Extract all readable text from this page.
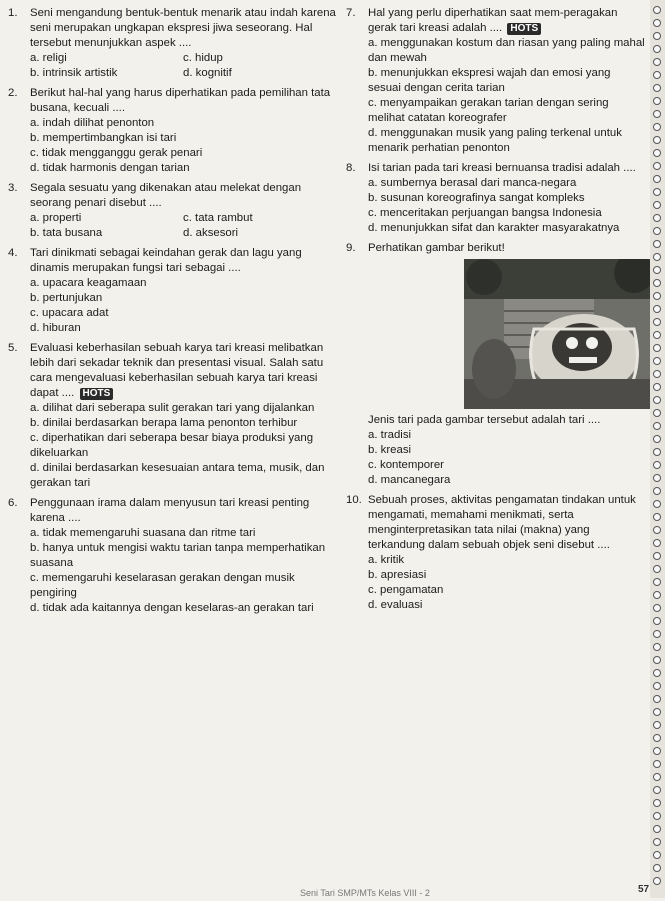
1.	Seni mengandung bentuk-bentuk menarik atau indah karena seni merupakan ungkapan ekspresi jiwa seseorang. Hal tersebut menunjukkan aspek ....
a. religi	c. hidup
b. intrinsik artistik	d. kognitif
2.	Berikut hal-hal yang harus diperhatikan pada pemilihan tata busana, kecuali ....
a. indah dilihat penonton
b. mempertimbangkan isi tari
c. tidak mengganggu gerak penari
d. tidak harmonis dengan tarian
3.	Segala sesuatu yang dikenakan atau melekat dengan seorang penari disebut ....
a. properti	c. tata rambut
b. tata busana	d. aksesori
4.	Tari dinikmati sebagai keindahan gerak dan lagu yang dinamis merupakan fungsi tari sebagai ....
a. upacara keagamaan
b. pertunjukan
c. upacara adat
d. hiburan
5.	Evaluasi keberhasilan sebuah karya tari kreasi melibatkan lebih dari sekadar teknik dan presentasi visual. Salah satu cara mengevaluasi keberhasilan sebuah karya tari kreasi dapat .... HOTS
a. dilihat dari seberapa sulit gerakan tari yang dijalankan
b. dinilai berdasarkan berapa lama penonton terhibur
c. diperhatikan dari seberapa besar biaya produksi yang dikeluarkan
d. dinilai berdasarkan kesesuaian antara tema, musik, dan gerakan tari
6.	Penggunaan irama dalam menyusun tari kreasi penting karena ....
a. tidak memengaruhi suasana dan ritme tari
b. hanya untuk mengisi waktu tarian tanpa memperhatikan suasana
c. memengaruhi keselarasan gerakan dengan musik pengiring
d. tidak ada kaitannya dengan keselaras-an gerakan tari
7.	Hal yang perlu diperhatikan saat mem-peragakan gerak tari kreasi adalah .... HOTS
a. menggunakan kostum dan riasan yang paling mahal dan mewah
b. menunjukkan ekspresi wajah dan emosi yang sesuai dengan cerita tarian
c. menyampaikan gerakan tarian dengan sering melihat catatan koreografer
d. menggunakan musik yang paling terkenal untuk menarik perhatian penonton
8.	Isi tarian pada tari kreasi bernuansa tradisi adalah ....
a. sumbernya berasal dari manca-negara
b. susunan koreografinya sangat kompleks
c. menceritakan perjuangan bangsa Indonesia
d. menunjukkan sifat dan karakter masyarakatnya
9.	Perhatikan gambar berikut!
Jenis tari pada gambar tersebut adalah tari ....
a. tradisi
b. kreasi
c. kontemporer
d. mancanegara
10. Sebuah proses, aktivitas pengamatan tindakan untuk mengamati, memahami menikmati, serta menginterpretasikan tata nilai (makna) yang terkandung dalam sebuah objek seni disebut ....
a. kritik
b. apresiasi
c. pengamatan
d. evaluasi
Seni Tari SMP/MTs Kelas VIII - 2	57
